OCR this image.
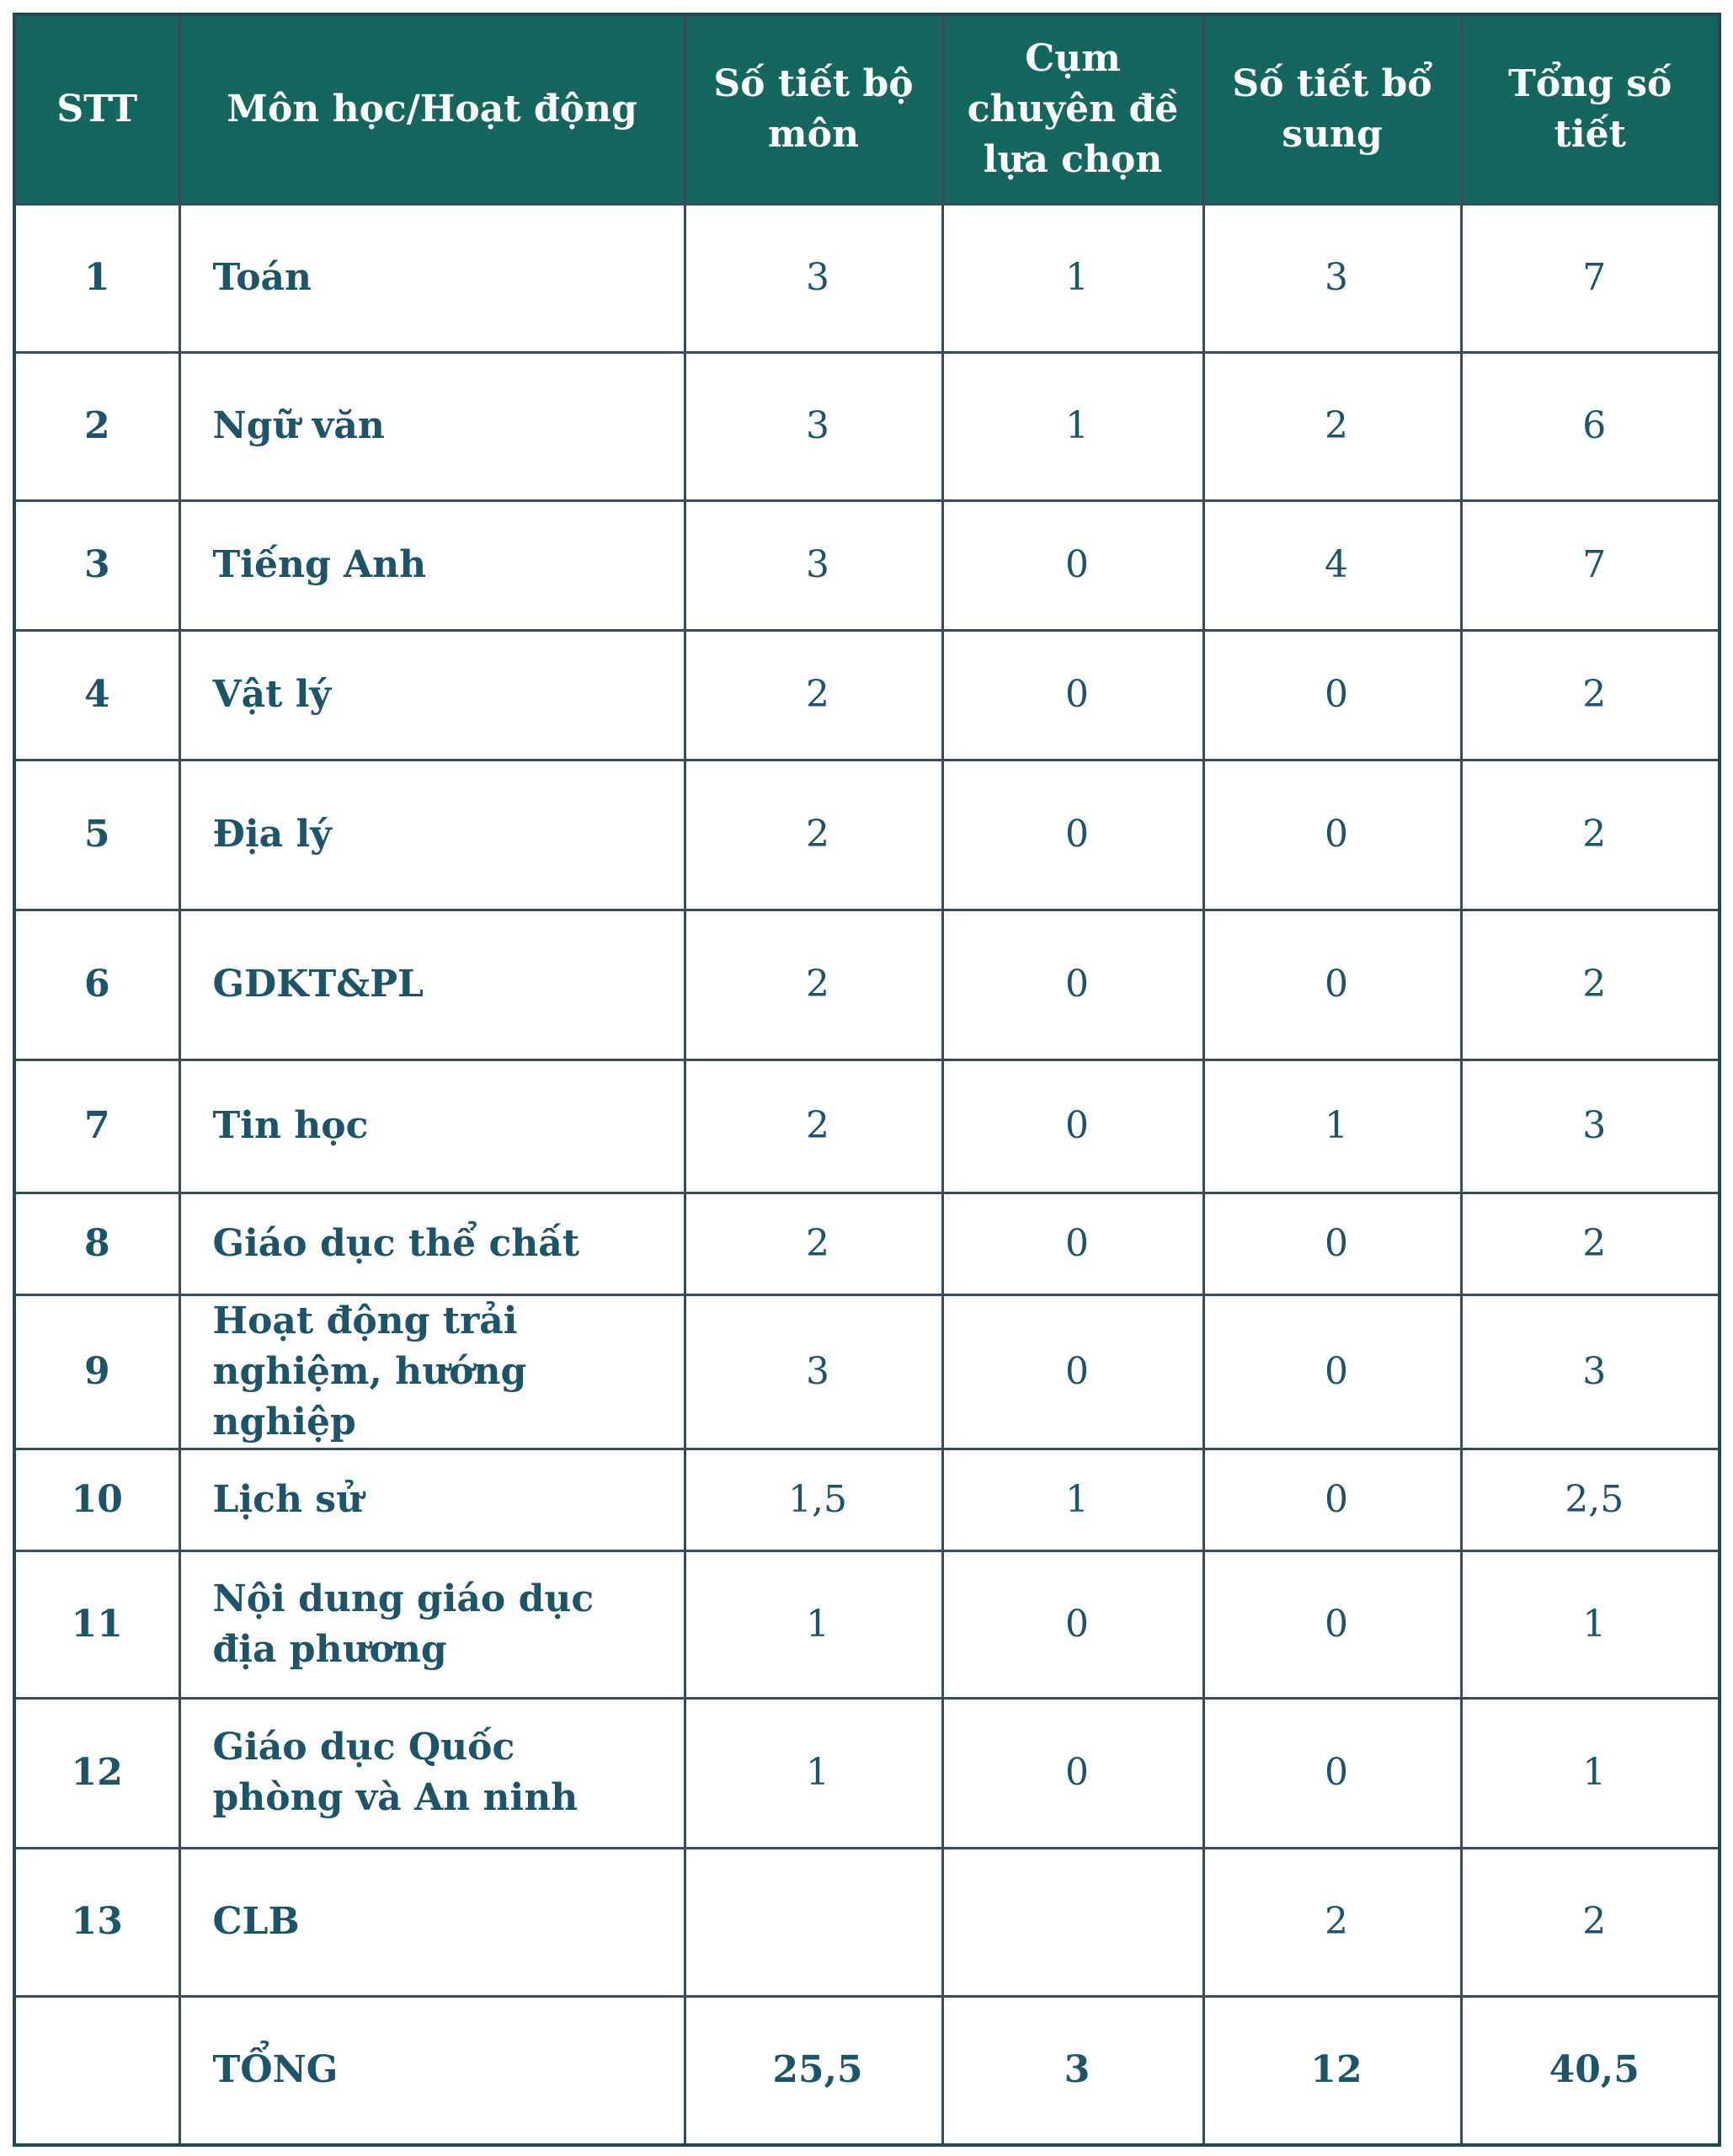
STT	Môn học/Hoạt động	Số tiết bộ môn	Cụm chuyên đề lựa chọn	Số tiết bổ sung	Tổng số tiết
1	Toán	3	1	3	7
2	Ngữ văn	3	1	2	6
3	Tiếng Anh	3	0	4	7
4	Vật lý	2	0	0	2
5	Địa lý	2	0	0	2
6	GDKT&PL	2	0	0	2
7	Tin học	2	0	1	3
8	Giáo dục thể chất	2	0	0	2
9	Hoạt động trải nghiệm, hướng nghiệp	3	0	0	3
10	Lịch sử	1,5	1	0	2,5
11	Nội dung giáo dục địa phương	1	0	0	1
12	Giáo dục Quốc phòng và An ninh	1	0	0	1
13	CLB			2	2
	TỔNG	25,5	3	12	40,5
